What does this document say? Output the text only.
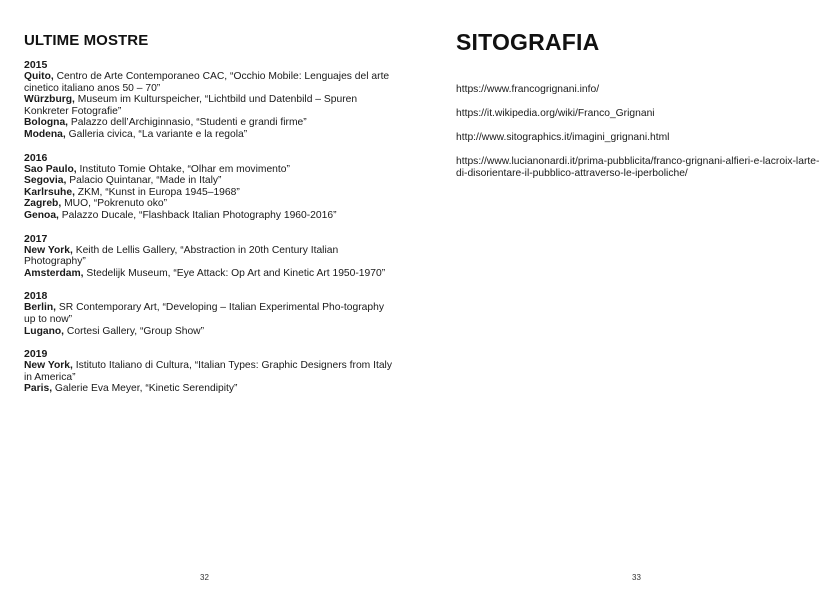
ULTIME MOSTRE
2015

Quito, Centro de Arte Contemporaneo CAC, “Occhio Mobile: Lenguajes del arte cinetico italiano anos 50 – 70”

Würzburg, Museum im Kulturspeicher, “Lichtbild und Datenbild – Spuren Konkreter Fotografie”

Bologna, Palazzo dell’Archiginnasio, “Studenti e grandi firme”

Modena, Galleria civica, “La variante e la regola”

2016

Sao Paulo, Instituto Tomie Ohtake, “Olhar em movimento”

Segovia, Palacio Quintanar, “Made in Italy”

Karlrsuhe, ZKM, “Kunst in Europa 1945–1968”

Zagreb, MUO, “Pokrenuto oko”

Genoa, Palazzo Ducale, “Flashback Italian Photography 1960-2016”

2017

New York, Keith de Lellis Gallery, “Abstraction in 20th Century Italian Photography”

Amsterdam, Stedelijk Museum, “Eye Attack: Op Art and Kinetic Art 1950-1970”

2018

Berlin, SR Contemporary Art, “Developing – Italian Experimental Pho-tography up to now”

Lugano, Cortesi Gallery, “Group Show”

2019

New York, Istituto Italiano di Cultura, “Italian Types: Graphic Designers from Italy in America”

Paris, Galerie Eva Meyer, “Kinetic Serendipity”

32
SITOGRAFIA
https://www.francogrignani.info/
https://it.wikipedia.org/wiki/Franco_Grignani
http://www.sitographics.it/imagini_grignani.html
https://www.lucianonardi.it/prima-pubblicita/franco-grignani-alfieri-e-lacroix-larte-di-disorientare-il-pubblico-attraverso-le-iperboliche/
33
